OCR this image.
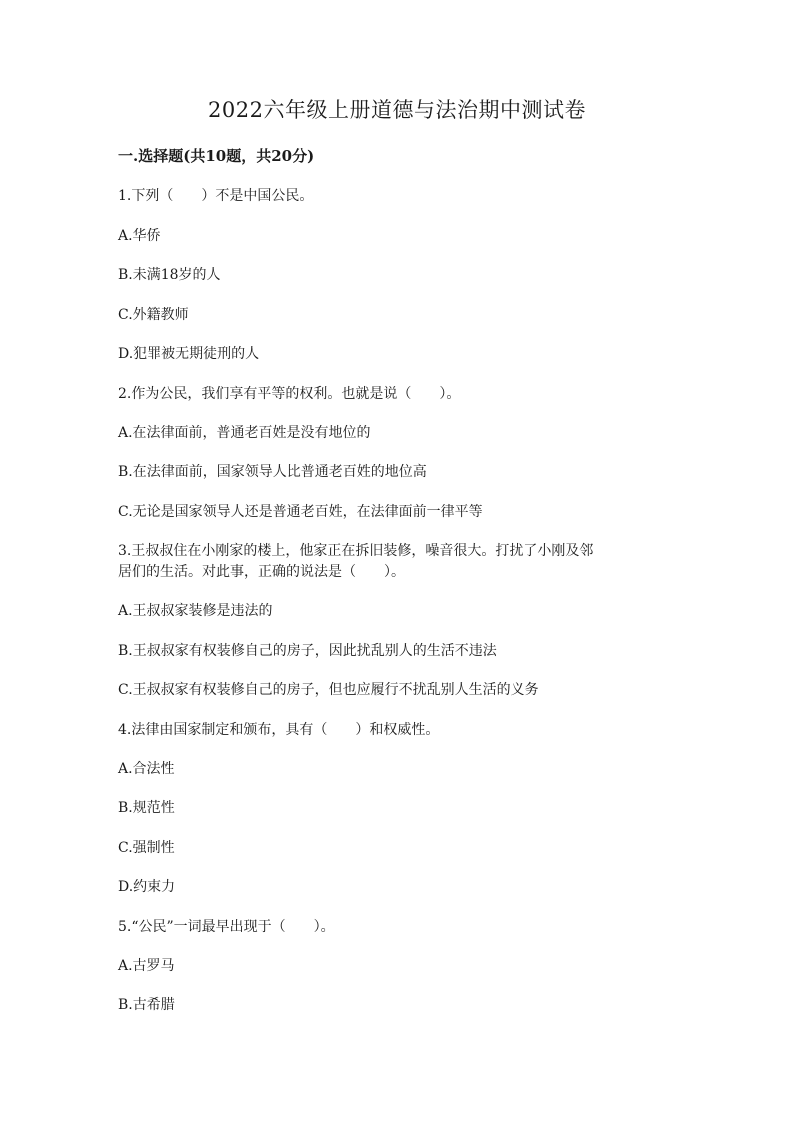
2022六年级上册道德与法治期中测试卷
一.选择题(共10题，共20分)
1.下列（　　）不是中国公民。
A.华侨
B.未满18岁的人
C.外籍教师
D.犯罪被无期徒刑的人
2.作为公民，我们享有平等的权利。也就是说（　　）。
A.在法律面前，普通老百姓是没有地位的
B.在法律面前，国家领导人比普通老百姓的地位高
C.无论是国家领导人还是普通老百姓，在法律面前一律平等
3.王叔叔住在小刚家的楼上，他家正在拆旧装修，噪音很大。打扰了小刚及邻
居们的生活。对此事，正确的说法是（　　）。
A.王叔叔家装修是违法的
B.王叔叔家有权装修自己的房子，因此扰乱别人的生活不违法
C.王叔叔家有权装修自己的房子，但也应履行不扰乱别人生活的义务
4.法律由国家制定和颁布，具有（　　）和权威性。
A.合法性
B.规范性
C.强制性
D.约束力
5.“公民”一词最早出现于（　　）。
A.古罗马
B.古希腊
